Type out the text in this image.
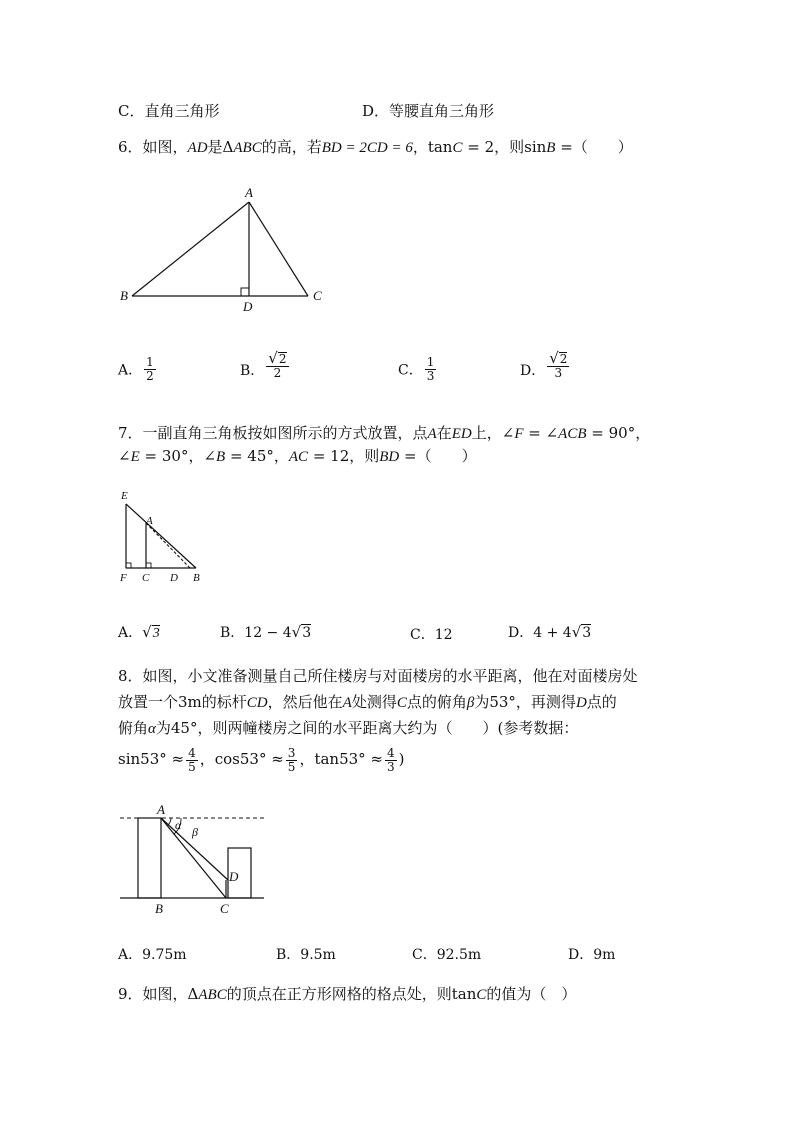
C．直角三角形	D．等腰直角三角形
6．如图，AD是ΔABC的高，若BD = 2CD = 6，tanC = 2，则sinB =（　　）
A
B	C
D
A． $\frac{1}{2}$	B． $\frac{√2}{2}$	C． $\frac{1}{3}$	D． $\frac{√2}{3}$
7．一副直角三角板按如图所示的方式放置，点A在ED上，∠F = ∠ACB = 90°，
∠E = 30°，∠B = 45°，AC = 12，则BD =（　　）
E
A
F C D B
A．√3	B．12 − 4√3	C．12	D．4 + 4√3
8．如图，小文准备测量自己所住楼房与对面楼房的水平距离，他在对面楼房处
放置一个3m的标杆CD，然后他在A处测得C点的俯角β为53°，再测得D点的
俯角α为45°，则两幢楼房之间的水平距离大约为（　　）(参考数据：
$\sin 53^\circ \approx \frac{4}{5}$ ，$\cos 53^\circ \approx \frac{3}{5}$ ，$\tan 53^\circ \approx \frac{4}{3}$ )
A
α β
D
B	C
A．9.75m	B．9.5m	C．92.5m	D．9m
9．如图，ΔABC的顶点在正方形网格的格点处，则tanC的值为（　）
